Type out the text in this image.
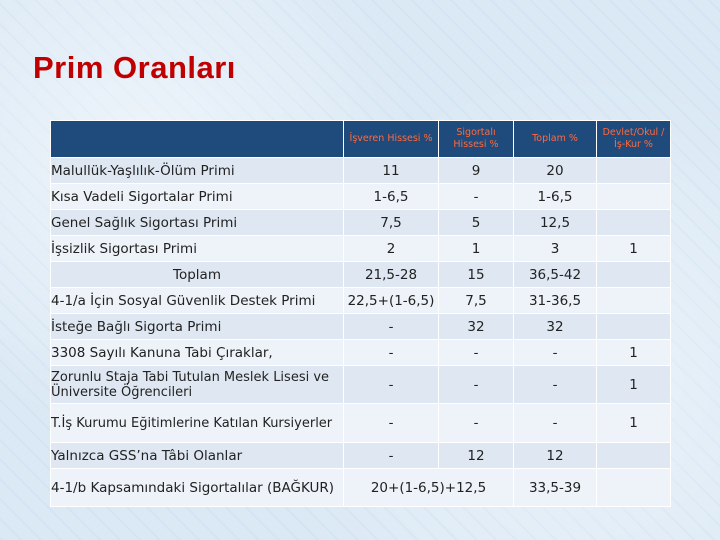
Prim Oranları
	İşveren Hissesi %	Sigortalı Hissesi %	Toplam %	Devlet/Okul / İş-Kur %
Malullük-Yaşlılık-Ölüm Primi	11	9	20	
Kısa Vadeli Sigortalar Primi	1-6,5	-	1-6,5	
Genel Sağlık Sigortası Primi	7,5	5	12,5	
İşsizlik Sigortası Primi	2	1	3	1
Toplam	21,5-28	15	36,5-42	
4-1/a İçin Sosyal Güvenlik Destek Primi	22,5+(1-6,5)	7,5	31-36,5	
İsteğe Bağlı Sigorta Primi	-	32	32	
3308 Sayılı Kanuna Tabi Çıraklar,	-	-	-	1
Zorunlu Staja Tabi Tutulan Meslek Lisesi ve Üniversite Öğrencileri	-	-	-	1
T.İş Kurumu Eğitimlerine Katılan Kursiyerler	-	-	-	1
Yalnızca GSS’na Tâbi Olanlar	-	12	12	
4-1/b Kapsamındaki Sigortalılar (BAĞKUR)	20+(1-6,5)+12,5		33,5-39	
